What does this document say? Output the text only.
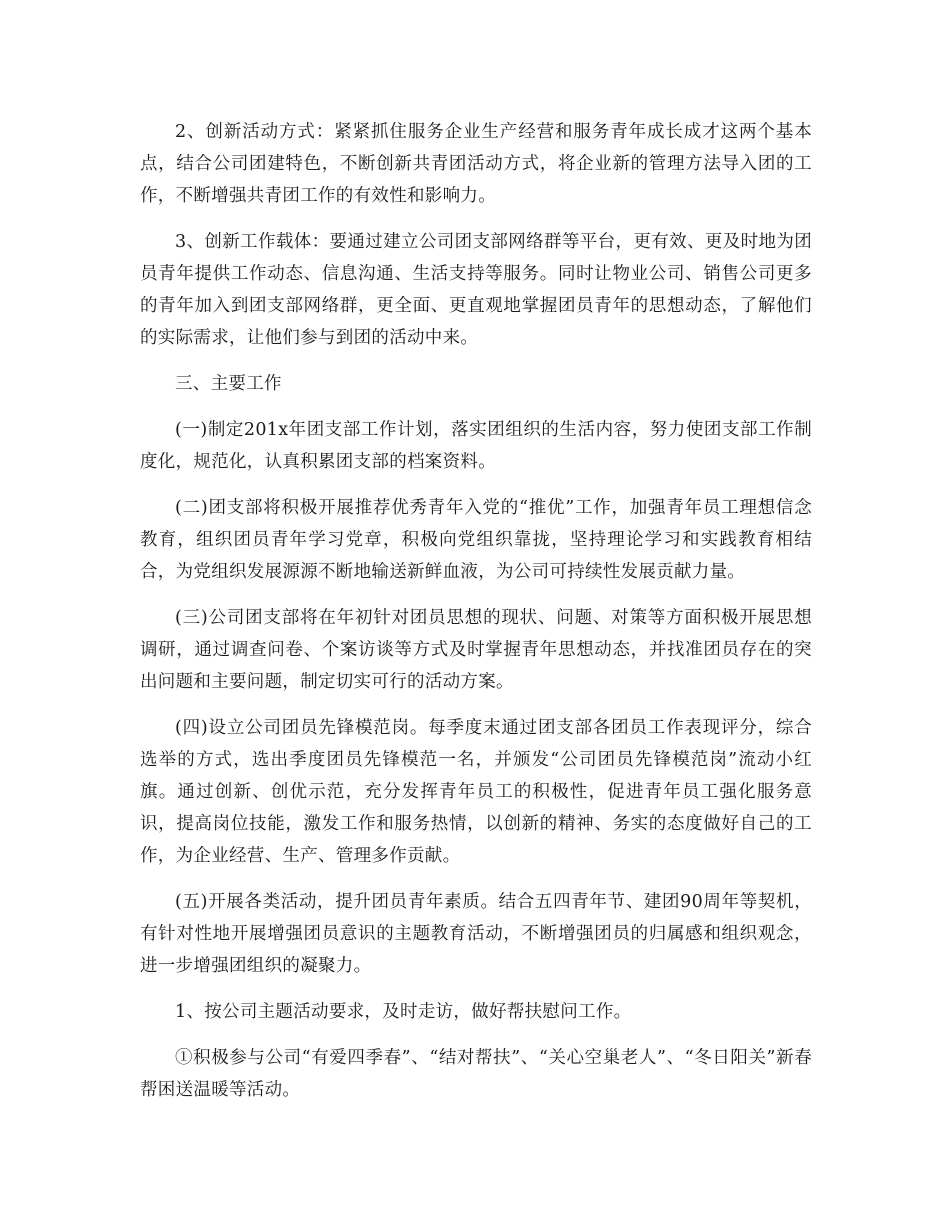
2、创新活动方式：紧紧抓住服务企业生产经营和服务青年成长成才这两个基本点，结合公司团建特色，不断创新共青团活动方式，将企业新的管理方法导入团的工作，不断增强共青团工作的有效性和影响力。

3、创新工作载体：要通过建立公司团支部网络群等平台，更有效、更及时地为团员青年提供工作动态、信息沟通、生活支持等服务。同时让物业公司、销售公司更多的青年加入到团支部网络群，更全面、更直观地掌握团员青年的思想动态，了解他们的实际需求，让他们参与到团的活动中来。

三、主要工作

(一)制定201x年团支部工作计划，落实团组织的生活内容，努力使团支部工作制度化，规范化，认真积累团支部的档案资料。

(二)团支部将积极开展推荐优秀青年入党的“推优”工作，加强青年员工理想信念教育，组织团员青年学习党章，积极向党组织靠拢，坚持理论学习和实践教育相结合，为党组织发展源源不断地输送新鲜血液，为公司可持续性发展贡献力量。

(三)公司团支部将在年初针对团员思想的现状、问题、对策等方面积极开展思想调研，通过调查问卷、个案访谈等方式及时掌握青年思想动态，并找准团员存在的突出问题和主要问题，制定切实可行的活动方案。

(四)设立公司团员先锋模范岗。每季度末通过团支部各团员工作表现评分，综合选举的方式，选出季度团员先锋模范一名，并颁发“公司团员先锋模范岗”流动小红旗。通过创新、创优示范，充分发挥青年员工的积极性，促进青年员工强化服务意识，提高岗位技能，激发工作和服务热情，以创新的精神、务实的态度做好自己的工作，为企业经营、生产、管理多作贡献。

(五)开展各类活动，提升团员青年素质。结合五四青年节、建团90周年等契机，有针对性地开展增强团员意识的主题教育活动，不断增强团员的归属感和组织观念，进一步增强团组织的凝聚力。

1、按公司主题活动要求，及时走访，做好帮扶慰问工作。

①积极参与公司“有爱四季春”、“结对帮扶”、“关心空巢老人”、“冬日阳关”新春帮困送温暖等活动。
